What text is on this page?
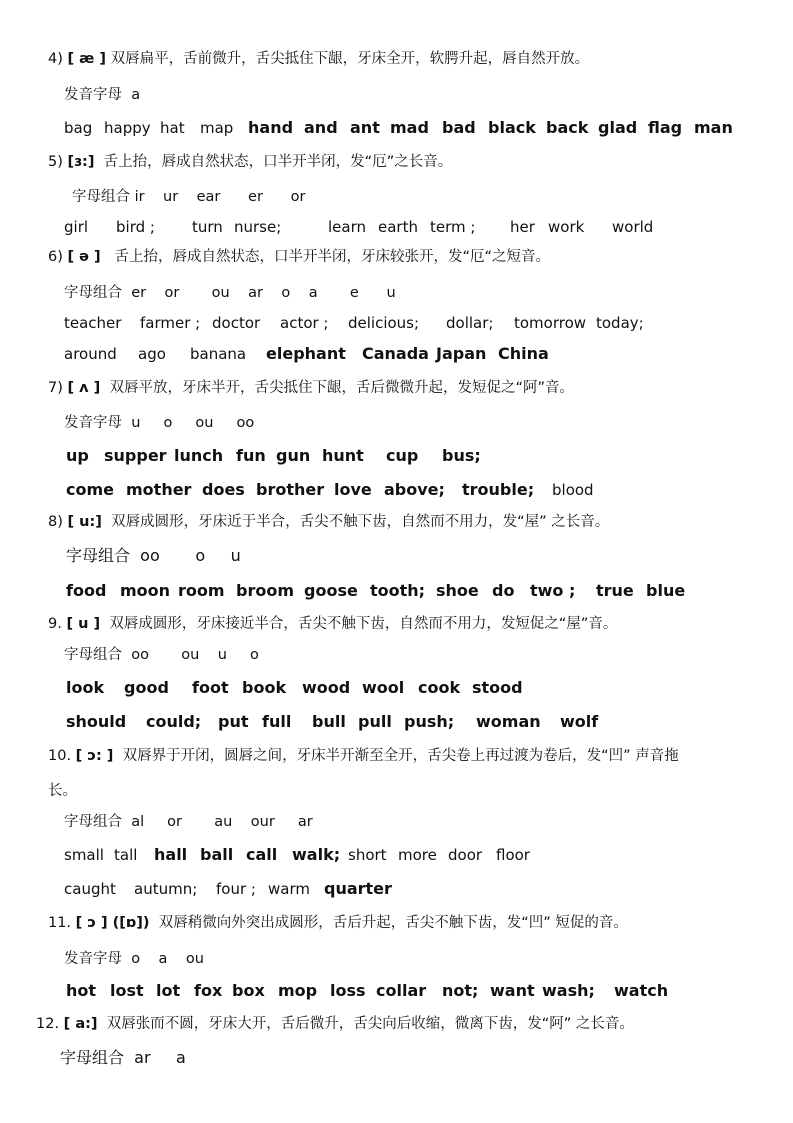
4) [ æ ] 双唇扁平，舌前微升，舌尖抵住下龈，牙床全开，软腭升起，唇自然开放。
发音字母  a
bag happy hat map hand and ant mad bad black back glad flag man
5) [ɜ:]  舌上抬，唇成自然状态，口半开半闭，发“厄”之长音。
字母组合 ir    ur    ear      er      or
girl bird ; turn nurse;	learn earth term ; her work world
6) [ ə ]   舌上抬，唇成自然状态，口半开半闭，牙床较张开，发“厄“之短音。
字母组合  er    or       ou    ar    o    a       e      u
teacher farmer ; doctor actor ; delicious; dollar; tomorrow today;
around ago banana elephant Canada Japan China
7) [ ʌ ]  双唇平放，牙床半开，舌尖抵住下龈，舌后微微升起，发短促之“阿”音。
发音字母  u     o     ou     oo
up supper lunch fun gun hunt cup bus;
come mother does brother love above; trouble; blood
8) [ u:]  双唇成圆形，牙床近于半合，舌尖不触下齿，自然而不用力，发“屋” 之长音。
字母组合  oo       o     u
food moon room broom goose tooth; shoe do two ; true blue
9. [ u ]  双唇成圆形，牙床接近半合，舌尖不触下齿，自然而不用力，发短促之“屋”音。
字母组合  oo       ou    u     o
look good foot book wood wool cook stood
should could; put full bull pull push; woman wolf
10. [ ɔ: ]  双唇界于开闭，圆唇之间，牙床半开渐至全开，舌尖卷上再过渡为卷后，发“凹” 声音拖
长。
字母组合  al     or       au    our     ar
small tall hall ball call walk; short more door floor
caught autumn; four ; warm quarter
11. [ ɔ ] ([ɒ])  双唇稍微向外突出成圆形，舌后升起，舌尖不触下齿，发“凹” 短促的音。
发音字母  o    a    ou
hot lost lot fox box mop loss collar not; want wash; watch
12. [ a:]  双唇张而不圆，牙床大开，舌后微升，舌尖向后收缩，微离下齿，发“阿” 之长音。
字母组合  ar     a
